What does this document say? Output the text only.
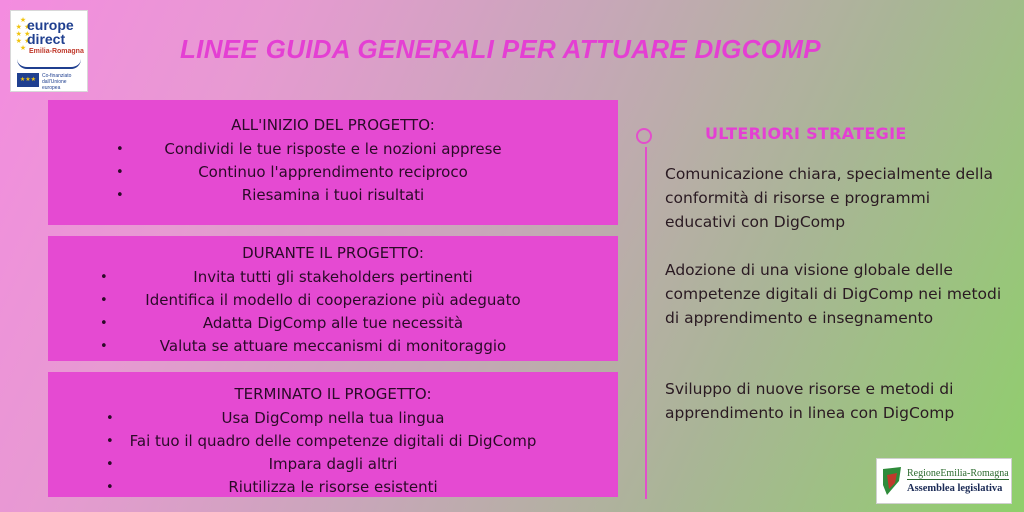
★
★ ★
★ ★
★ ★
★
europe
direct
Emilia-Romagna
★★★	Co-finanziato dall'Unione europea
LINEE GUIDA GENERALI PER ATTUARE DIGCOMP
ALL'INIZIO DEL PROGETTO:
•	Condividi le tue risposte e le nozioni apprese
•	Continuo l'apprendimento reciproco
•	Riesamina i tuoi risultati
DURANTE IL PROGETTO:
•	Invita tutti gli stakeholders pertinenti
•	Identifica il modello di cooperazione più adeguato
•	Adatta DigComp alle tue necessità
•	Valuta se attuare meccanismi di monitoraggio
TERMINATO IL PROGETTO:
•	Usa DigComp nella tua lingua
• Fai tuo il quadro delle competenze digitali di DigComp
•	Impara dagli altri
•	Riutilizza le risorse esistenti
ULTERIORI STRATEGIE
Comunicazione chiara, specialmente della conformità di risorse e programmi educativi con DigComp
Adozione di una visione globale delle competenze digitali di DigComp nei metodi di apprendimento e insegnamento
Sviluppo di nuove risorse e metodi di apprendimento in linea con DigComp
RegioneEmilia-Romagna
Assemblea legislativa
